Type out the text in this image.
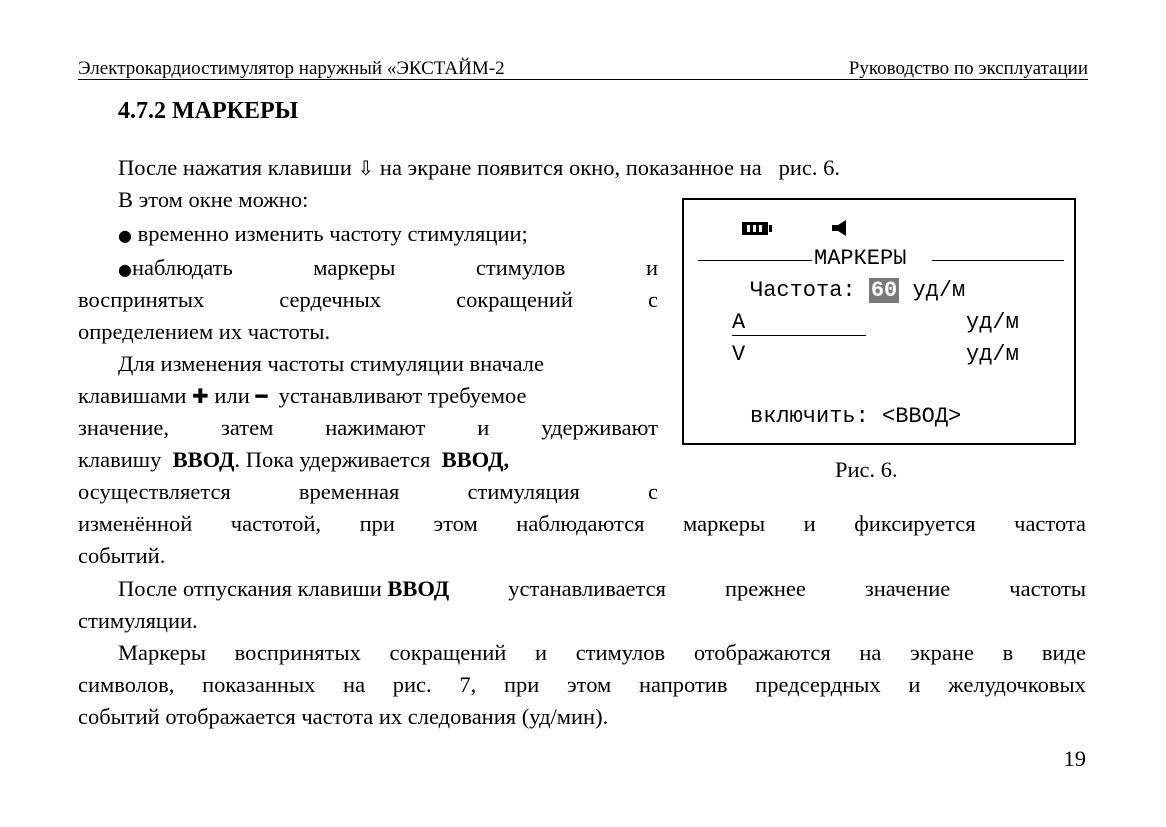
Электрокардиостимулятор наружный «ЭКСТАЙМ-2	Руководство по эксплуатации
4.7.2 МАРКЕРЫ
После нажатия клавиши ⇩ на экране появится окно, показанное на рис. 6.
В этом окне можно:
● временно изменить частоту стимуляции;
●наблюдать	маркеры	стимулов	и
воспринятых	сердечных	сокращений	с
определением их частоты.
Для изменения частоты стимуляции вначале
клавишами ✚ или ━ устанавливают требуемое
значение, затем нажимают и удерживают
клавишу ВВОД. Пока удерживается ВВОД,
осуществляется	временная	стимуляция	с
изменённой частотой, при этом наблюдаются маркеры и фиксируется частота
событий.
После отпускания клавиши ВВОД	устанавливается	прежнее	значение	частоты
стимуляции.
Маркеры воспринятых сокращений и стимулов отображаются на экране в виде
символов, показанных на рис. 7, при этом напротив предсердных и желудочковых
событий отображается частота их следования (уд/мин).
МАРКЕРЫ
Частота: 60 уд/м
A	уд/м
V	уд/м
включить: <ВВОД>
Рис. 6.
19
